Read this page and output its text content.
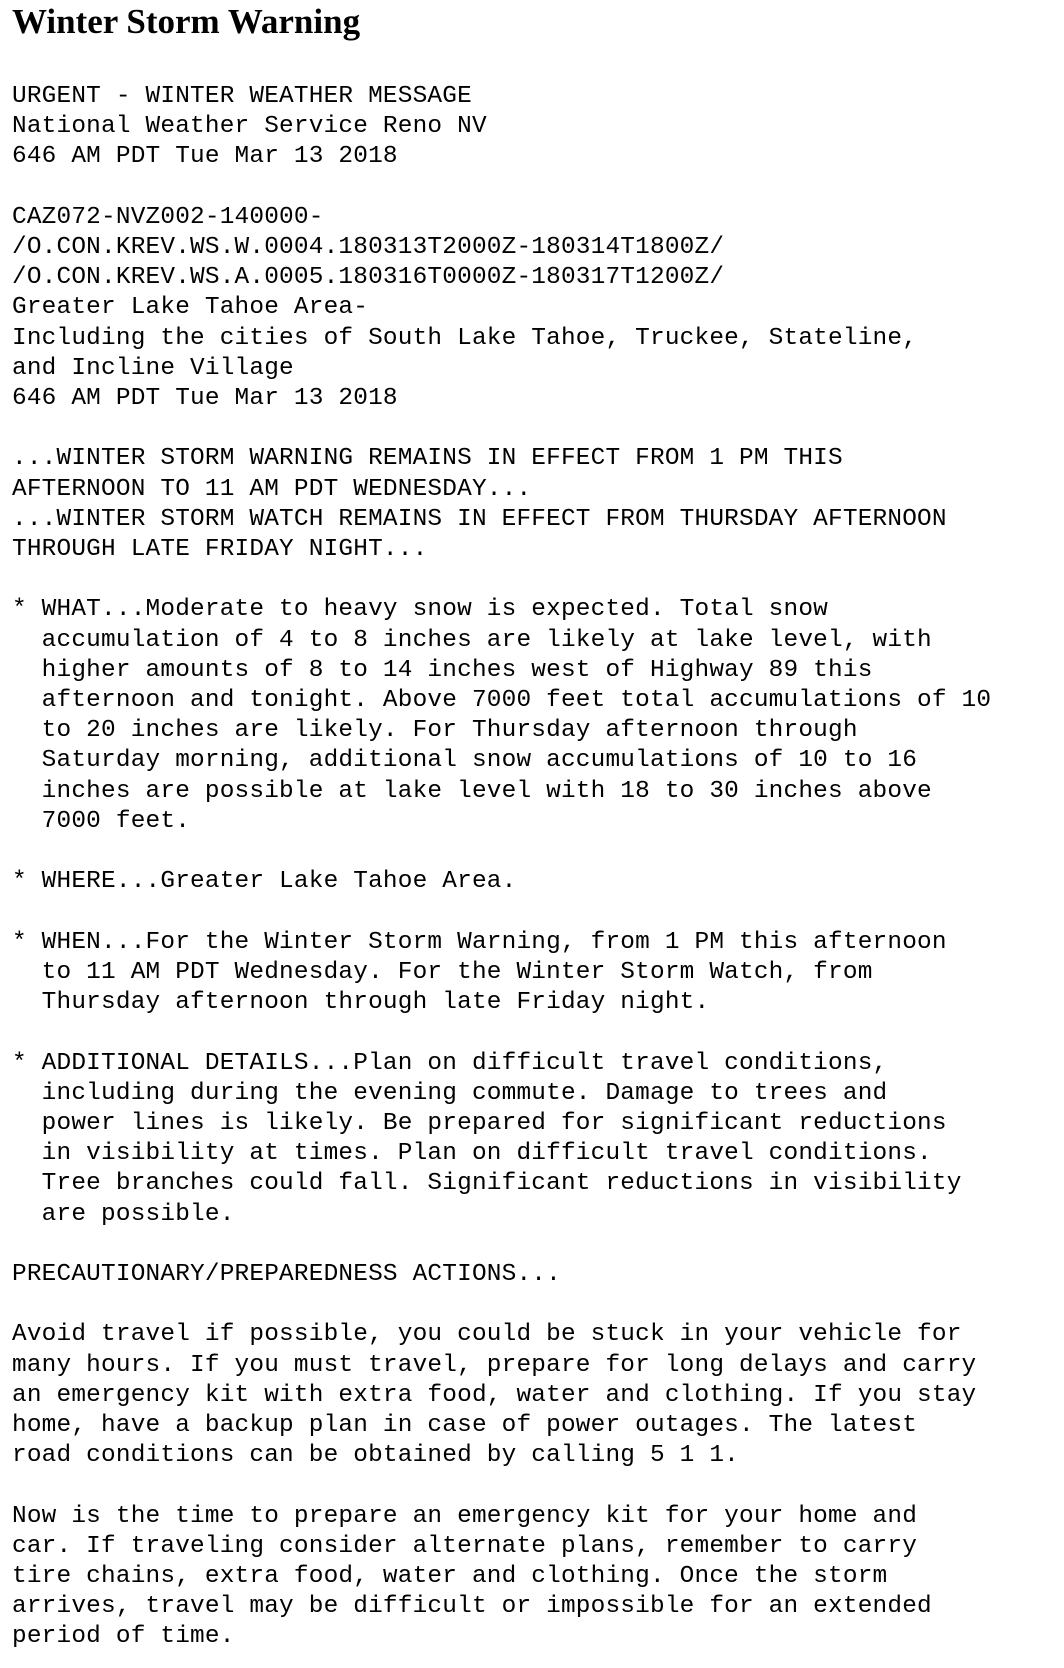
Winter Storm Warning
URGENT - WINTER WEATHER MESSAGE
National Weather Service Reno NV
646 AM PDT Tue Mar 13 2018

CAZ072-NVZ002-140000-
/O.CON.KREV.WS.W.0004.180313T2000Z-180314T1800Z/
/O.CON.KREV.WS.A.0005.180316T0000Z-180317T1200Z/
Greater Lake Tahoe Area-
Including the cities of South Lake Tahoe, Truckee, Stateline,
and Incline Village
646 AM PDT Tue Mar 13 2018

...WINTER STORM WARNING REMAINS IN EFFECT FROM 1 PM THIS
AFTERNOON TO 11 AM PDT WEDNESDAY...
...WINTER STORM WATCH REMAINS IN EFFECT FROM THURSDAY AFTERNOON
THROUGH LATE FRIDAY NIGHT...

* WHAT...Moderate to heavy snow is expected. Total snow
accumulation of 4 to 8 inches are likely at lake level, with
higher amounts of 8 to 14 inches west of Highway 89 this
afternoon and tonight. Above 7000 feet total accumulations of 10
to 20 inches are likely. For Thursday afternoon through
Saturday morning, additional snow accumulations of 10 to 16
inches are possible at lake level with 18 to 30 inches above
7000 feet.

* WHERE...Greater Lake Tahoe Area.

* WHEN...For the Winter Storm Warning, from 1 PM this afternoon
to 11 AM PDT Wednesday. For the Winter Storm Watch, from
Thursday afternoon through late Friday night.

* ADDITIONAL DETAILS...Plan on difficult travel conditions,
including during the evening commute. Damage to trees and
power lines is likely. Be prepared for significant reductions
in visibility at times. Plan on difficult travel conditions.
Tree branches could fall. Significant reductions in visibility
are possible.

PRECAUTIONARY/PREPAREDNESS ACTIONS...

Avoid travel if possible, you could be stuck in your vehicle for
many hours. If you must travel, prepare for long delays and carry
an emergency kit with extra food, water and clothing. If you stay
home, have a backup plan in case of power outages. The latest
road conditions can be obtained by calling 5 1 1.

Now is the time to prepare an emergency kit for your home and
car. If traveling consider alternate plans, remember to carry
tire chains, extra food, water and clothing. Once the storm
arrives, travel may be difficult or impossible for an extended
period of time.
